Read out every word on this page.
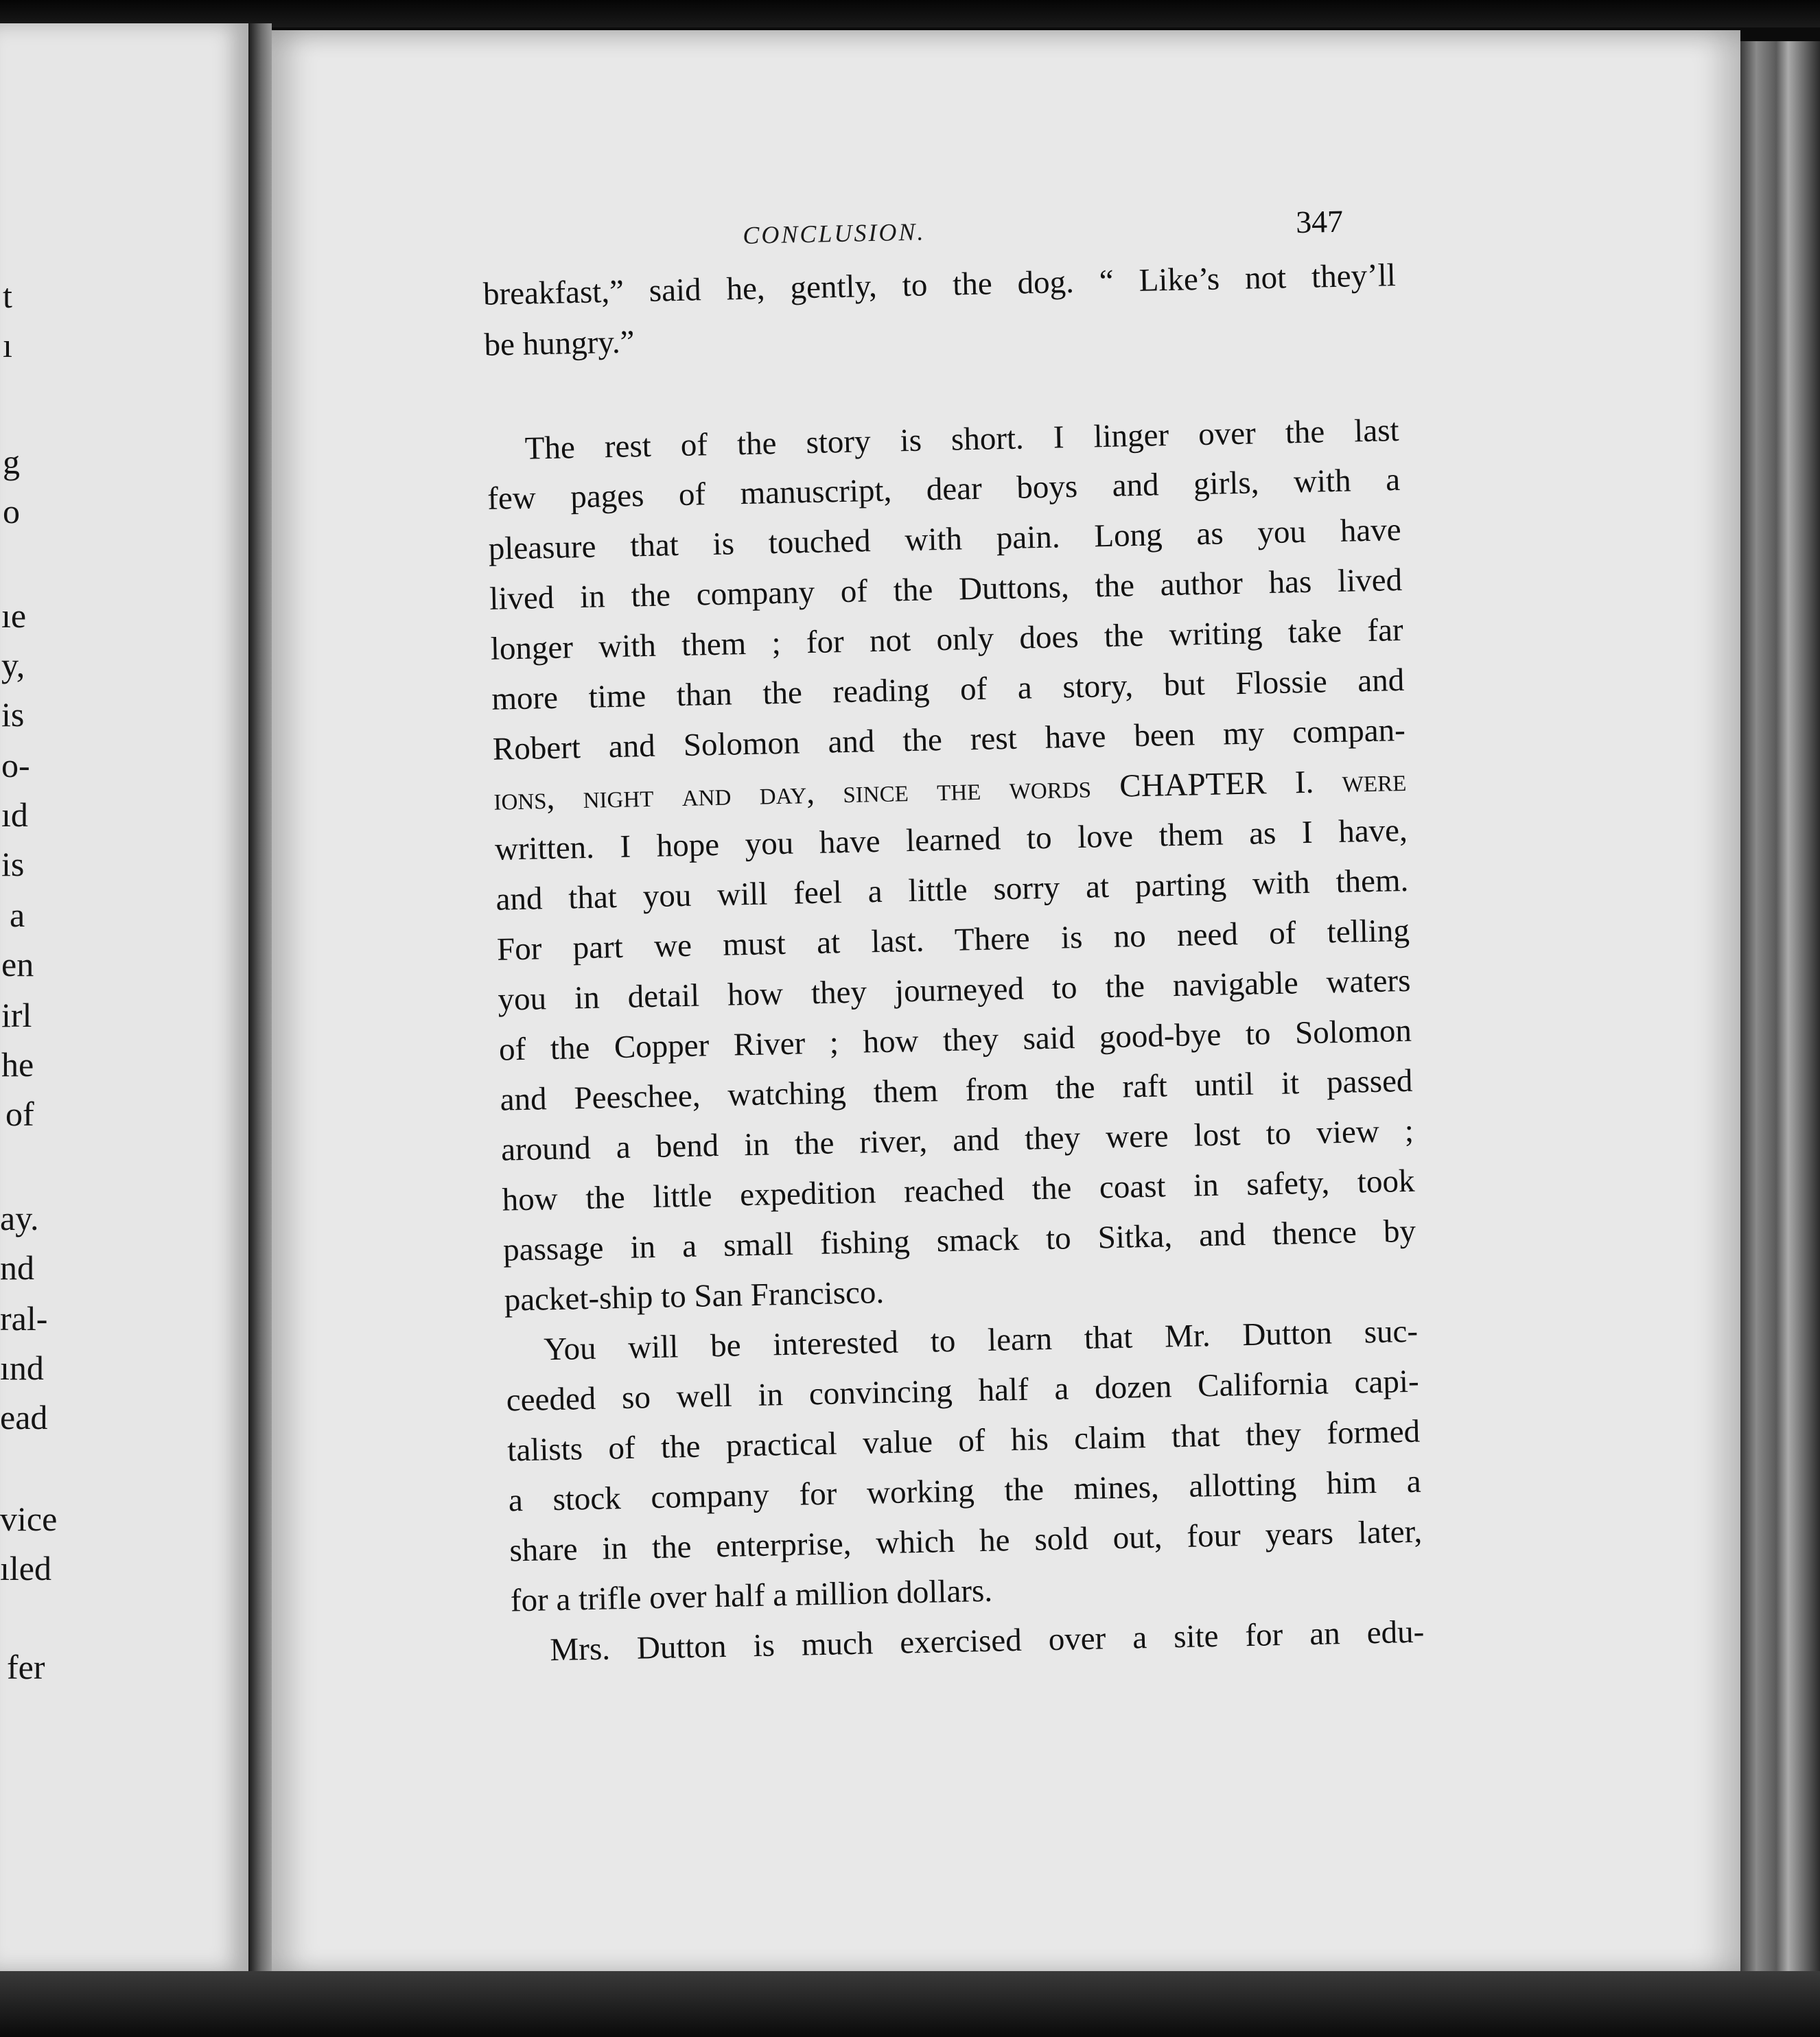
t
ı
g
o
ıe
y,
is
o-
ıd
is
a
en
irl
he
of
ay.
nd
ral-
ınd
ead
vice
ıled
fer
CONCLUSION.	347
breakfast,” said he, gently, to the dog. “ Like’s not they’ll
be hungry.”
The rest of the story is short. I linger over the last
few pages of manuscript, dear boys and girls, with a
pleasure that is touched with pain. Long as you have
lived in the company of the Duttons, the author has lived
longer with them ; for not only does the writing take far
more time than the reading of a story, but Flossie and
Robert and Solomon and the rest have been my compan-
ions, night and day, since the words CHAPTER I. were
written. I hope you have learned to love them as I have,
and that you will feel a little sorry at parting with them.
For part we must at last. There is no need of telling
you in detail how they journeyed to the navigable waters
of the Copper River ; how they said good-bye to Solomon
and Peeschee, watching them from the raft until it passed
around a bend in the river, and they were lost to view ;
how the little expedition reached the coast in safety, took
passage in a small fishing smack to Sitka, and thence by
packet-ship to San Francisco.
You will be interested to learn that Mr. Dutton suc-
ceeded so well in convincing half a dozen California capi-
talists of the practical value of his claim that they formed
a stock company for working the mines, allotting him a
share in the enterprise, which he sold out, four years later,
for a trifle over half a million dollars.
Mrs. Dutton is much exercised over a site for an edu-
